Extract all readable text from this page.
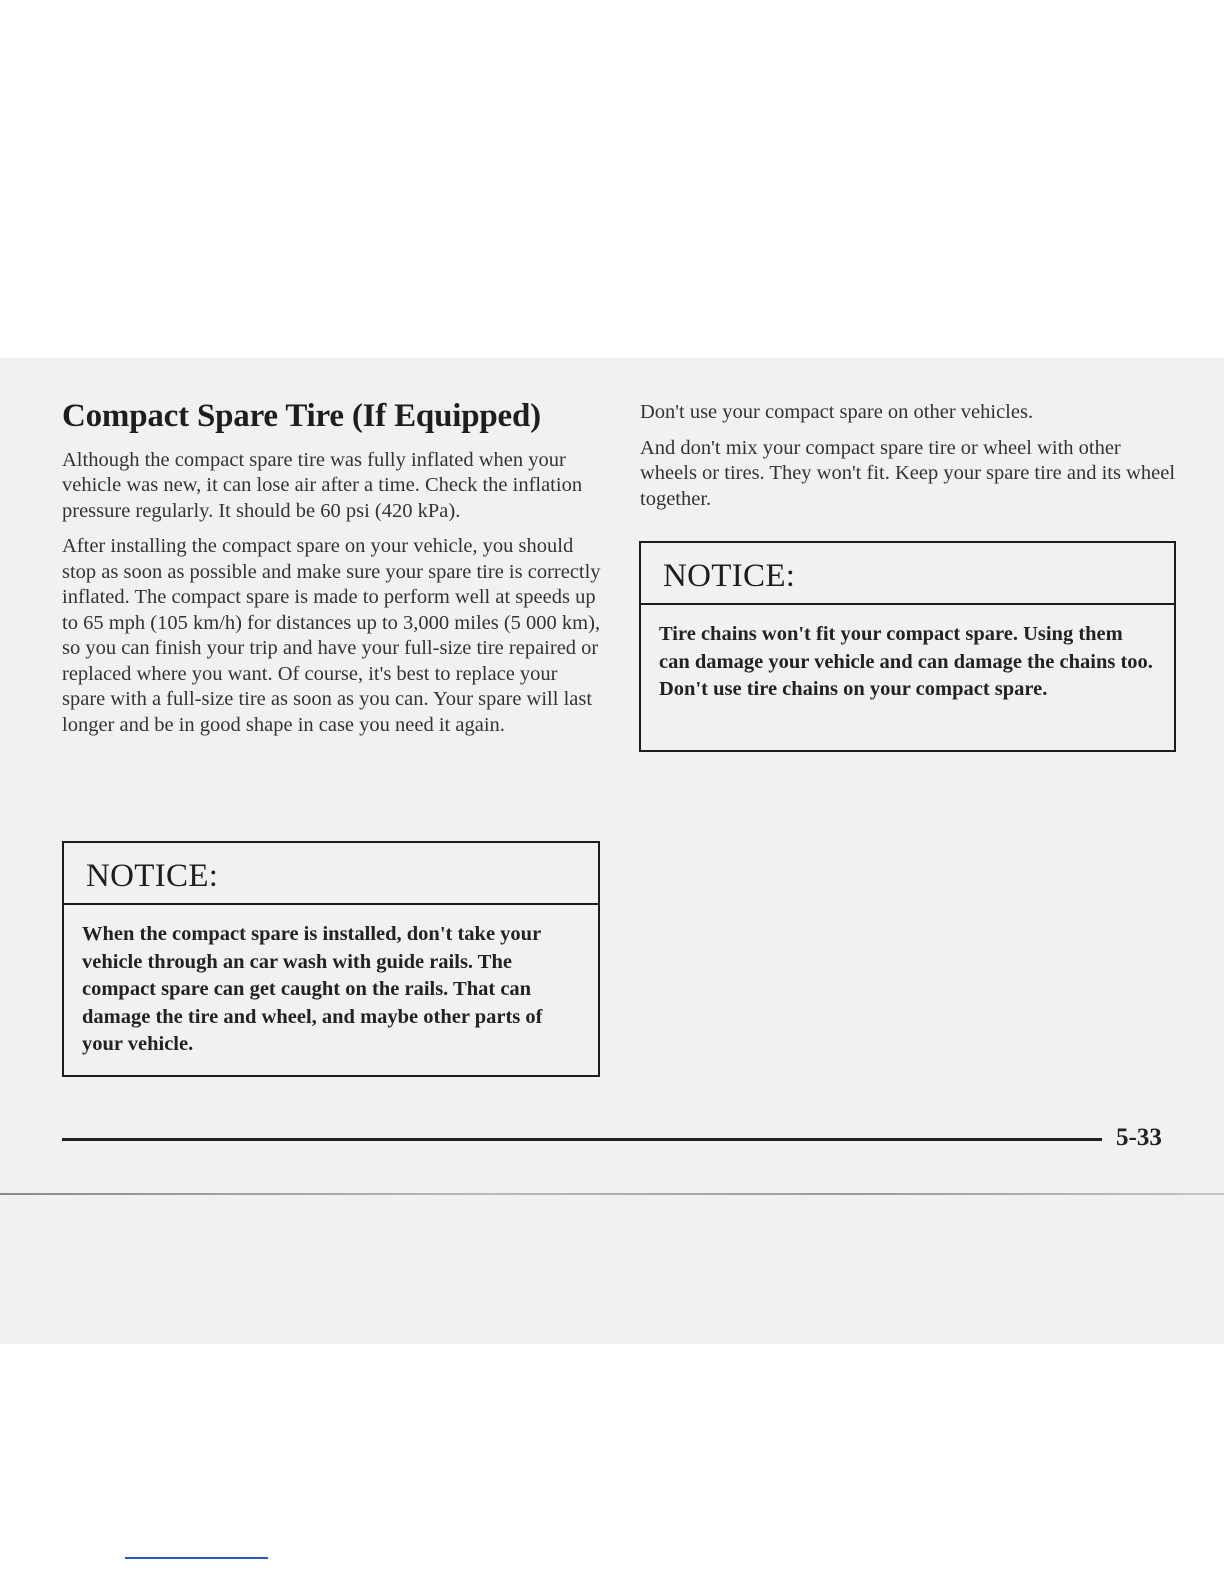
Compact Spare Tire (If Equipped)

Although the compact spare tire was fully inflated when your vehicle was new, it can lose air after a time. Check the inflation pressure regularly. It should be 60 psi (420 kPa).

After installing the compact spare on your vehicle, you should stop as soon as possible and make sure your spare tire is correctly inflated. The compact spare is made to perform well at speeds up to 65 mph (105 km/h) for distances up to 3,000 miles (5 000 km), so you can finish your trip and have your full-size tire repaired or replaced where you want. Of course, it's best to replace your spare with a full-size tire as soon as you can. Your spare will last longer and be in good shape in case you need it again.

NOTICE:
When the compact spare is installed, don't take your vehicle through an car wash with guide rails. The compact spare can get caught on the rails. That can damage the tire and wheel, and maybe other parts of your vehicle.

Don't use your compact spare on other vehicles.

And don't mix your compact spare tire or wheel with other wheels or tires. They won't fit. Keep your spare tire and its wheel together.

NOTICE:
Tire chains won't fit your compact spare. Using them can damage your vehicle and can damage the chains too. Don't use tire chains on your compact spare.
5-33
